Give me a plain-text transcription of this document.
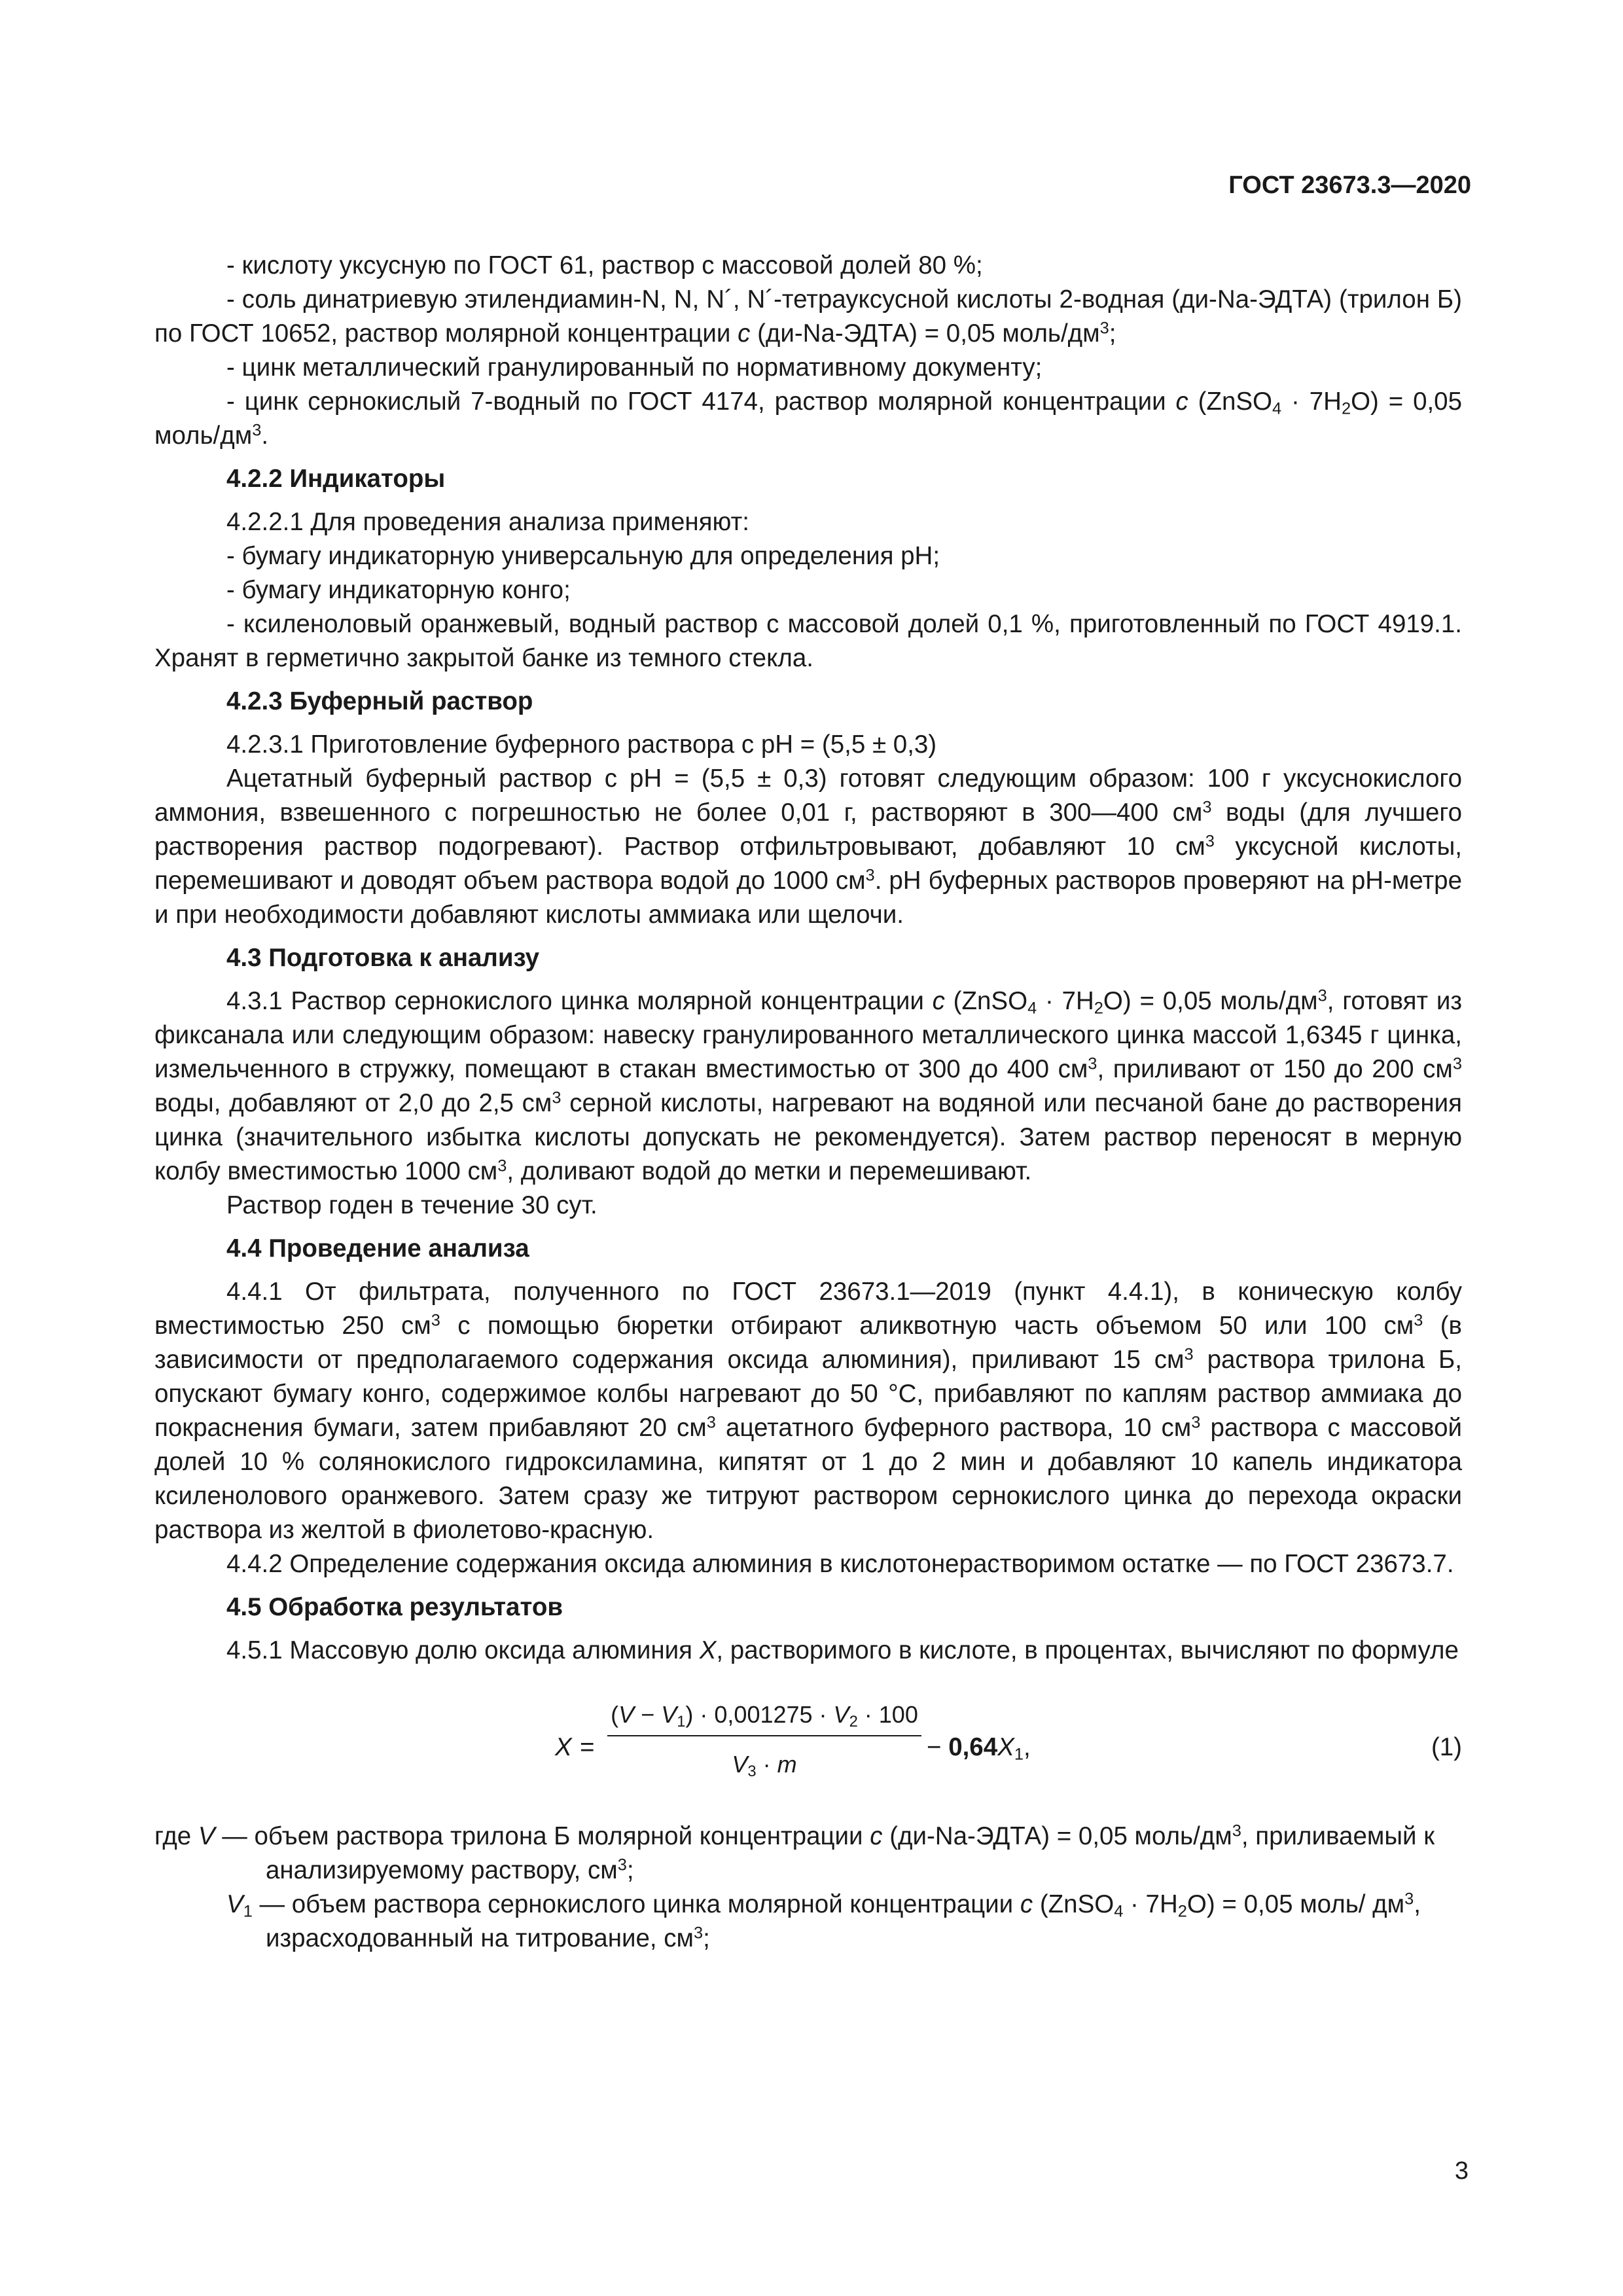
ГОСТ 23673.3—2020

- кислоту уксусную по ГОСТ 61, раствор с массовой долей 80 %;

- соль динатриевую этилендиамин-N, N, N´, N´-тетрауксусной кислоты 2-водная (ди-Na-ЭДТА) (трилон Б) по ГОСТ 10652, раствор молярной концентрации c (ди-Na-ЭДТА) = 0,05 моль/$дм^3$;

- цинк металлический гранулированный по нормативному документу;

- цинк сернокислый 7-водный по ГОСТ 4174, раствор молярной концентрации c (ZnSO$_4$ · $7H_2O) = 0,05$ моль/$дм^3$.

4.2.2 Индикаторы

4.2.2.1 Для проведения анализа применяют:

- бумагу индикаторную универсальную для определения pH;

- бумагу индикаторную конго;

- ксиленоловый оранжевый, водный раствор с массовой долей 0,1 %, приготовленный по ГОСТ 4919.1. Хранят в герметично закрытой банке из темного стекла.

4.2.3 Буферный раствор

4.2.3.1 Приготовление буферного раствора с pH = (5,5 ± 0,3)

Ацетатный буферный раствор с pH = (5,5 ± 0,3) готовят следующим образом: 100 г уксуснокислого аммония, взвешенного с погрешностью не более 0,01 г, растворяют в 300—400 $см^3$ воды (для лучшего растворения раствор подогревают). Раствор отфильтровывают, добавляют 10 $см^3$ уксусной кислоты, перемешивают и доводят объем раствора водой до 1000 $см^3$. pH буферных растворов проверяют на pH-метре и при необходимости добавляют кислоты аммиака или щелочи.

4.3 Подготовка к анализу

4.3.1 Раствор сернокислого цинка молярной концентрации c (ZnSO$_4$ · $7H_2O) = 0,05$ моль/$дм^3$, готовят из фиксанала или следующим образом: навеску гранулированного металлического цинка массой 1,6345 г цинка, измельченного в стружку, помещают в стакан вместимостью от 300 до 400 $см^3$, приливают от 150 до 200 $см^3$ воды, добавляют от 2,0 до 2,5 $см^3$ серной кислоты, нагревают на водяной или песчаной бане до растворения цинка (значительного избытка кислоты допускать не рекомендуется). Затем раствор переносят в мерную колбу вместимостью 1000 $см^3$, доливают водой до метки и перемешивают.

Раствор годен в течение 30 сут.

4.4 Проведение анализа

4.4.1 От фильтрата, полученного по ГОСТ 23673.1—2019 (пункт 4.4.1), в коническую колбу вместимостью 250 $см^3$ с помощью бюретки отбирают аликвотную часть объемом 50 или 100 $см^3$ (в зависимости от предполагаемого содержания оксида алюминия), приливают 15 $см^3$ раствора трилона Б, опускают бумагу конго, содержимое колбы нагревают до 50 °С, прибавляют по каплям раствор аммиака до покраснения бумаги, затем прибавляют 20 $см^3$ ацетатного буферного раствора, 10 $см^3$ раствора с массовой долей 10 % солянокислого гидроксиламина, кипятят от 1 до 2 мин и добавляют 10 капель индикатора ксиленолового оранжевого. Затем сразу же титруют раствором сернокислого цинка до перехода окраски раствора из желтой в фиолетово-красную.

4.4.2 Определение содержания оксида алюминия в кислотонерастворимом остатке — по ГОСТ 23673.7.

4.5 Обработка результатов

4.5.1 Массовую долю оксида алюминия X, растворимого в кислоте, в процентах, вычисляют по формуле

X =
$(V - V_1) \cdot 0,001275 \cdot V_2 \cdot 100$
$V_3 \cdot m$
− $0,64X_1$,	(1)

где V — объем раствора трилона Б молярной концентрации c (ди-Na-ЭДТА) = 0,05 моль/$дм^3$, приливаемый к анализируемому раствору, $см^3$;

$V_1$ — объем раствора сернокислого цинка молярной концентрации c (ZnSO$_4$ · $7H_2O) = 0,05$ моль/ $дм^3$, израсходованный на титрование, $см^3$;

3
